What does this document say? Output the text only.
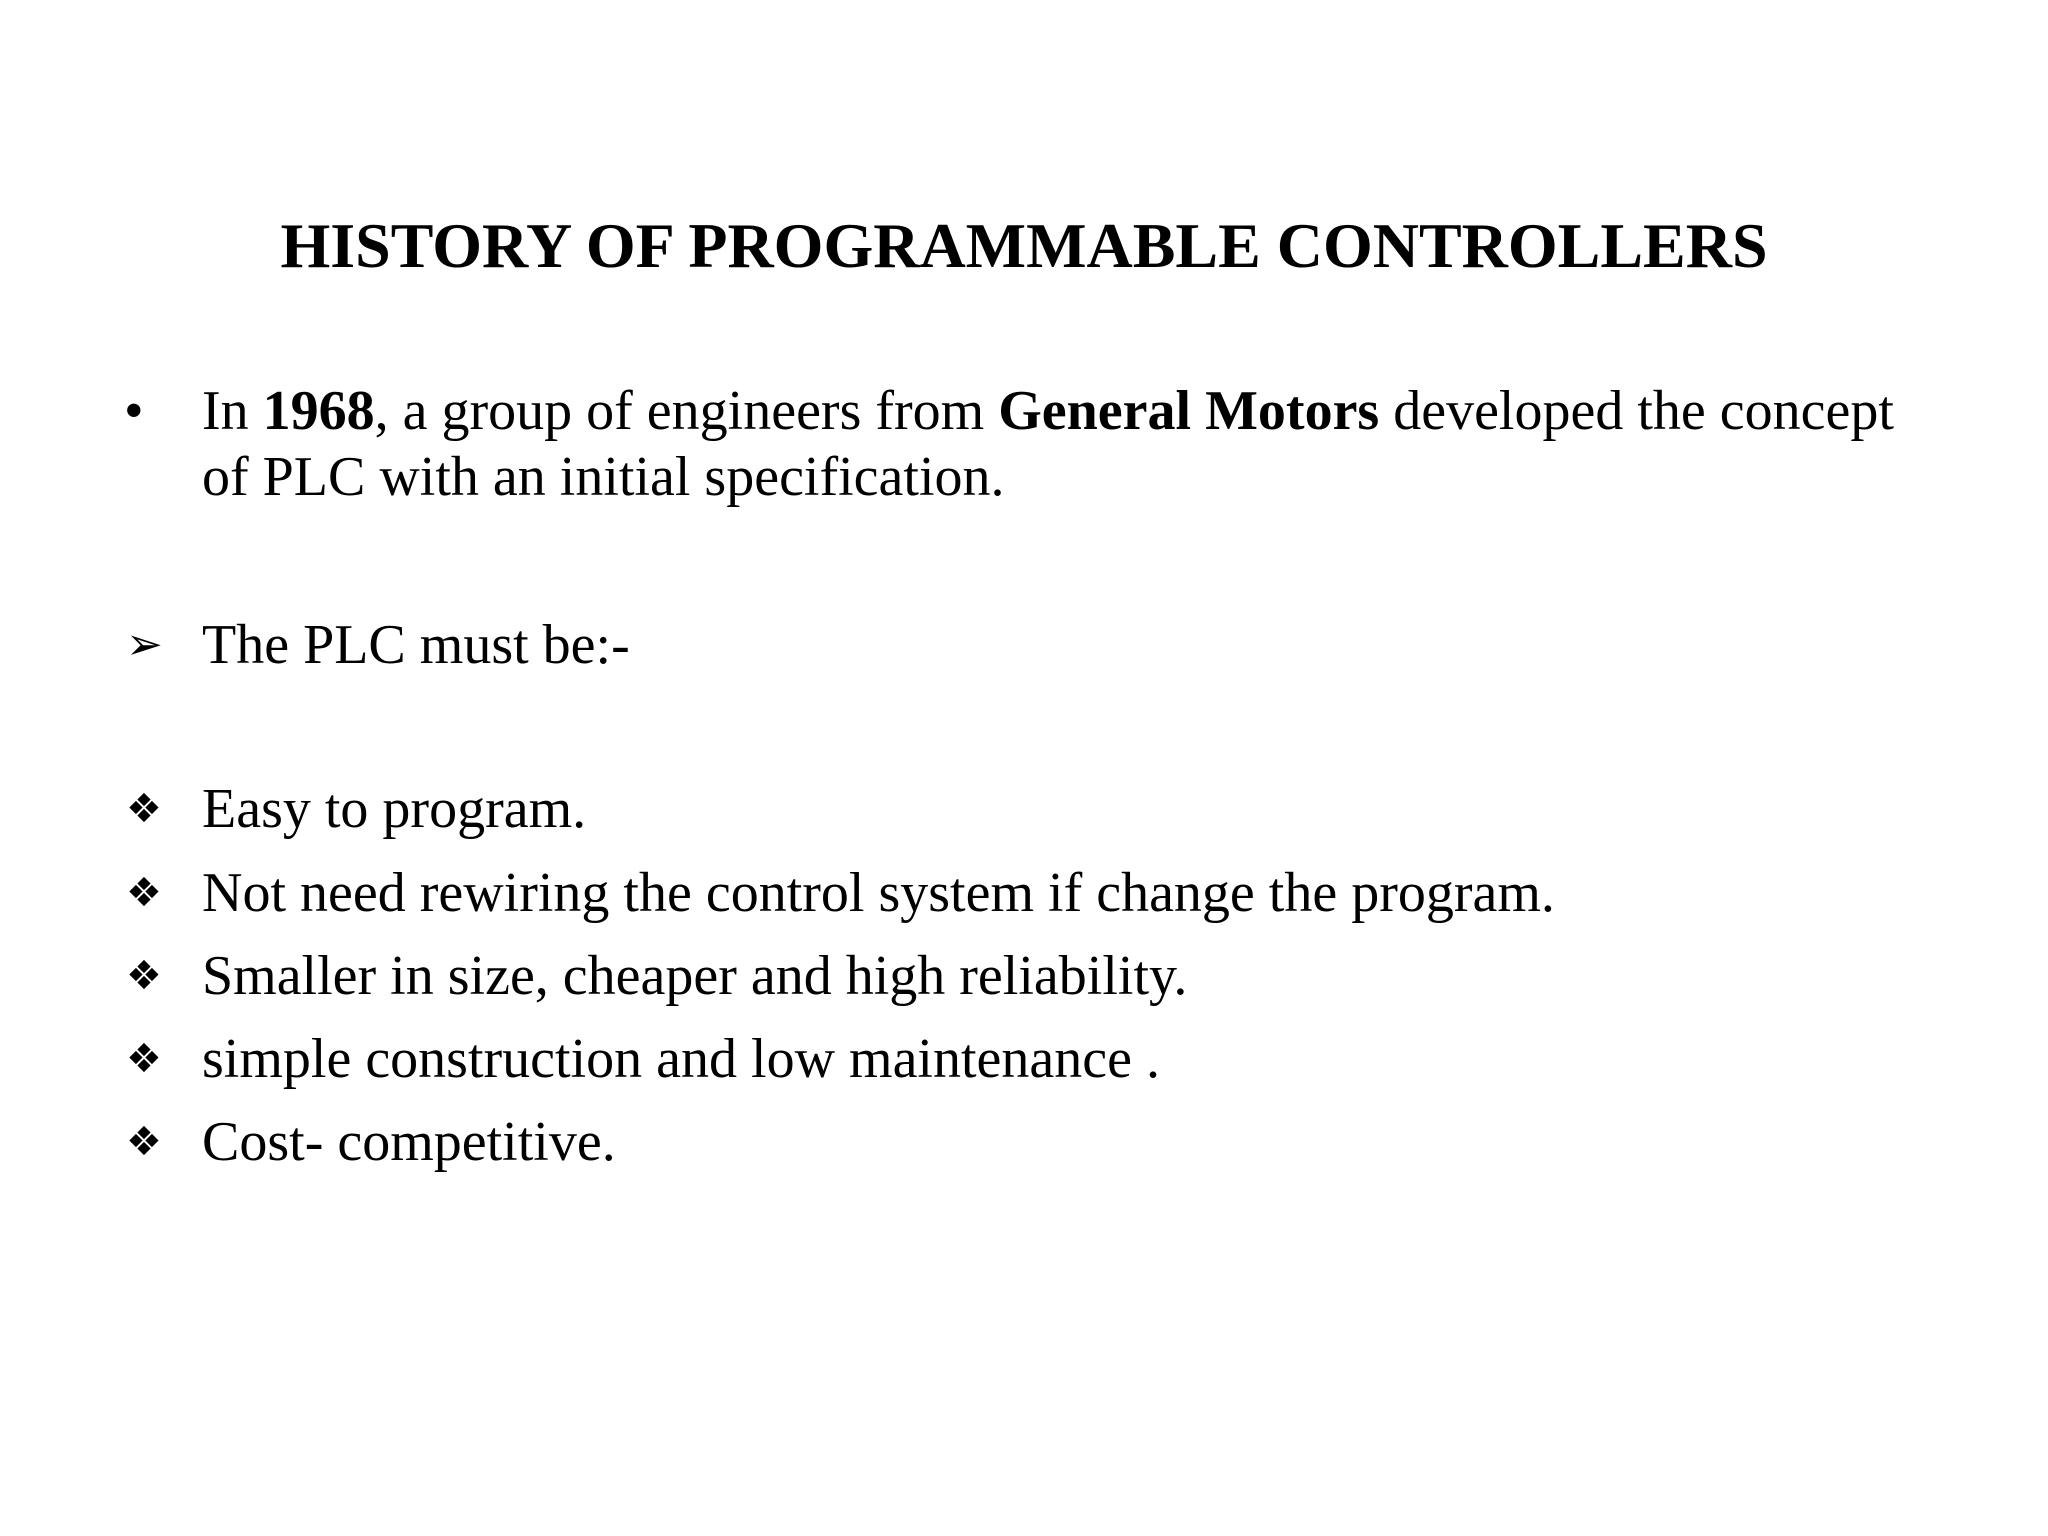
HISTORY OF PROGRAMMABLE CONTROLLERS
•	In 1968, a group of engineers from General Motors developed the concept
of PLC with an initial specification.
➢ The PLC must be:-
❖ Easy to program.
❖ Not need rewiring the control system if change the program.
❖ Smaller in size, cheaper and high reliability.
❖ simple construction and low maintenance .
❖ Cost- competitive.
